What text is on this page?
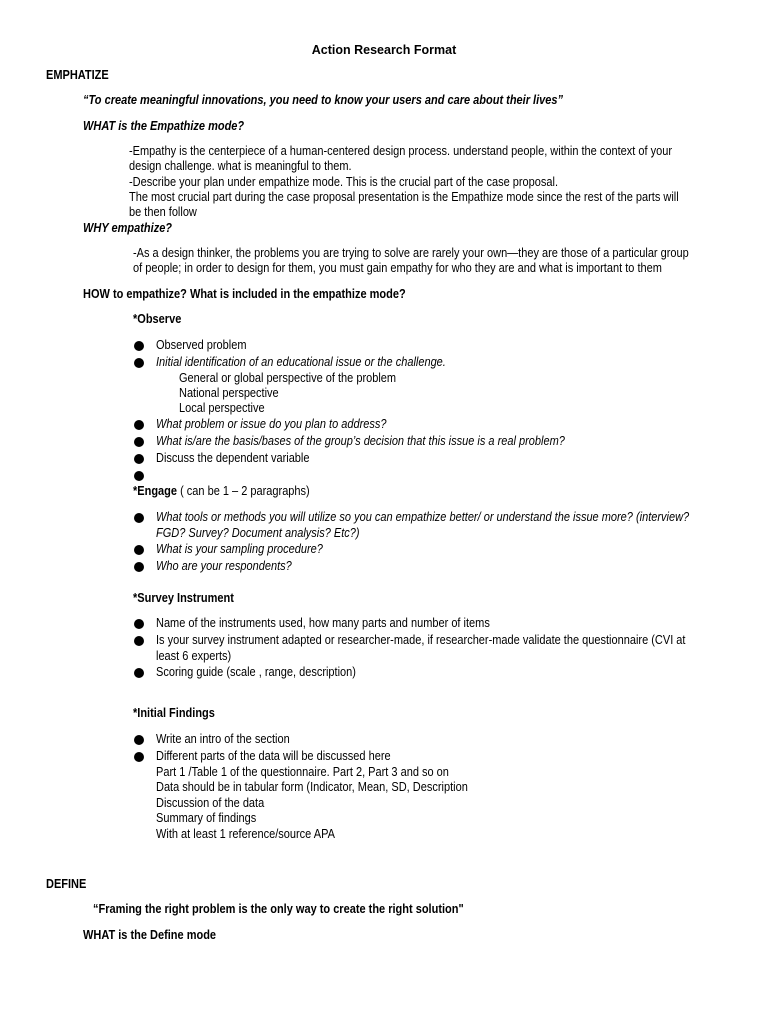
Action Research Format
EMPHATIZE
“To create meaningful innovations, you need to know your users and care about their lives”
WHAT is the Empathize mode?
-Empathy is the centerpiece of a human-centered design process. understand people, within the context of your
design challenge. what is meaningful to them.
-Describe your plan under empathize mode. This is the crucial part of the case proposal.
The most crucial part during the case proposal presentation is the Empathize mode since the rest of the parts will
be then follow
WHY empathize?
-As a design thinker, the problems you are trying to solve are rarely your own—they are those of a particular group
of people; in order to design for them, you must gain empathy for who they are and what is important to them
HOW to empathize? What is included in the empathize mode?
*Observe
Observed problem
Initial identification of an educational issue or the challenge.
General or global perspective of the problem
National perspective
Local perspective
What problem or issue do you plan to address?
What is/are the basis/bases of the group’s decision that this issue is a real problem?
Discuss the dependent variable
*Engage ( can be 1 – 2 paragraphs)
What tools or methods you will utilize so you can empathize better/ or understand the issue more? (interview?
FGD? Survey? Document analysis? Etc?)
What is your sampling procedure?
Who are your respondents?
*Survey Instrument
Name of the instruments used, how many parts and number of items
Is your survey instrument adapted or researcher-made, if researcher-made validate the questionnaire (CVI at
least 6 experts)
Scoring guide (scale , range, description)
*Initial Findings
Write an intro of the section
Different parts of the data will be discussed here
Part 1 /Table 1 of the questionnaire. Part 2, Part 3 and so on
Data should be in tabular form (Indicator, Mean, SD, Description
Discussion of the data
Summary of findings
With at least 1 reference/source APA
DEFINE
“Framing the right problem is the only way to create the right solution"
WHAT is the Define mode
